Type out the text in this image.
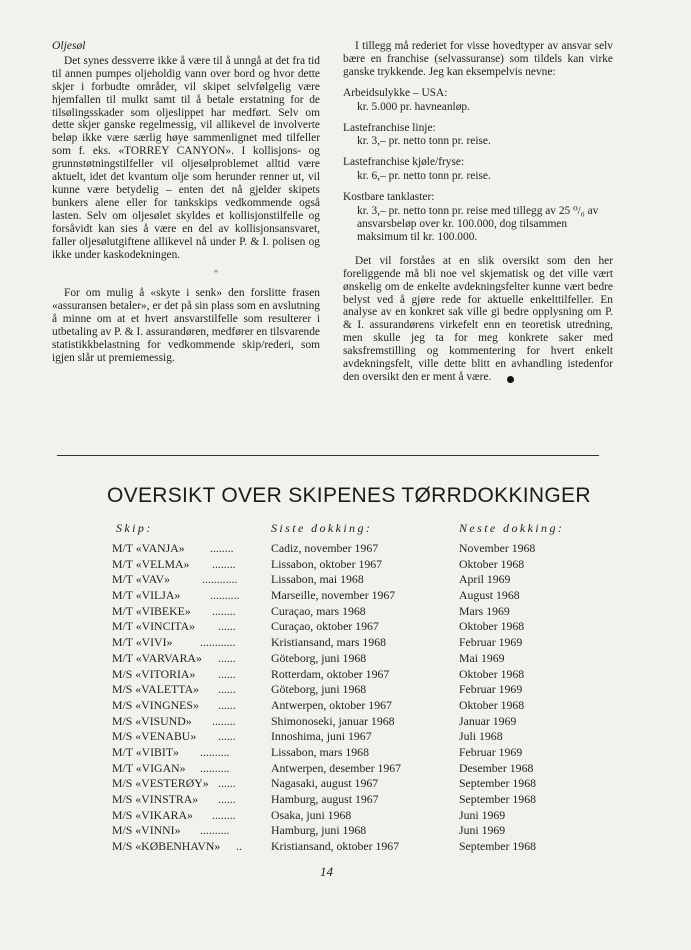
Oljesøl

Det synes dessverre ikke å være til å unngå at det fra tid til annen pumpes oljeholdig vann over bord og hvor dette skjer i forbudte områder, vil skipet selvfølgelig være hjemfallen til mulkt samt til å betale erstatning for de tilsølingsskader som oljeslippet har medført. Selv om dette skjer ganske regelmessig, vil allikevel de involverte beløp ikke være særlig høye sammenlignet med tilfeller som f. eks. «TORREY CANYON». I kollisjons- og grunnstøtningstilfeller vil oljesølproblemet alltid være aktuelt, idet det kvantum olje som herunder renner ut, vil kunne være betydelig – enten det nå gjelder skipets bunkers alene eller for tankskips vedkommende også lasten. Selv om oljesølet skyldes et kollisjonstilfelle og forsåvidt kan sies å være en del av kollisjonsansvaret, faller oljesølutgiftene allikevel nå under P. & I. polisen og ikke under kaskodekningen.

*

For om mulig å «skyte i senk» den forslitte frasen «assuransen betaler», er det på sin plass som en avslutning å minne om at et hvert ansvarstilfelle som resulterer i utbetaling av P. & I. assurandøren, medfører en tilsvarende statistikkbelastning for vedkommende skip/rederi, som igjen slår ut premiemessig.

I tillegg må rederiet for visse hovedtyper av ansvar selv bære en franchise (selvassuranse) som tildels kan virke ganske trykkende. Jeg kan eksempelvis nevne:

Arbeidsulykke – USA:

kr. 5.000 pr. havneanløp.

Lastefranchise linje:

kr. 3,– pr. netto tonn pr. reise.

Lastefranchise kjøle/fryse:

kr. 6,– pr. netto tonn pr. reise.

Kostbare tanklaster:

kr. 3,– pr. netto tonn pr. reise med tillegg av 25 ⁰/₀ av ansvarsbeløp over kr. 100.000, dog tilsammen maksimum til kr. 100.000.

Det vil forståes at en slik oversikt som den her foreliggende må bli noe vel skjematisk og det ville vært ønskelig om de enkelte avdekningsfelter kunne vært bedre belyst ved å gjøre rede for aktuelle enkelttilfeller. En analyse av en konkret sak ville gi bedre opplysning om P. & I. assurandørens virkefelt enn en teoretisk utredning, men skulle jeg ta for meg konkrete saker med saksfremstilling og kommentering for hvert enkelt avdekningsfelt, ville dette blitt en avhandling istedenfor den oversikt den er ment å være.

OVERSIKT OVER SKIPENES TØRRDOKKINGER
Skip:	Siste dokking:	Neste dokking:
M/T «VANJA» ........	Cadiz, november 1967	November 1968
M/T «VELMA» ........	Lissabon, oktober 1967	Oktober 1968
M/T «VAV»	............	Lissabon, mai 1968	April 1969
M/T «VILJA»	..........	Marseille, november 1967	August 1968
M/T «VIBEKE» ........	Curaçao, mars 1968	Mars 1969
M/T «VINCITA» ......	Curaçao, oktober 1967	Oktober 1968
M/T «VIVI» ............	Kristiansand, mars 1968	Februar 1969
M/T «VARVARA» ......	Göteborg, juni 1968	Mai 1969
M/S «VITORIA» ......	Rotterdam, oktober 1967	Oktober 1968
M/S «VALETTA» ......	Göteborg, juni 1968	Februar 1969
M/S «VINGNES» ......	Antwerpen, oktober 1967	Oktober 1968
M/S «VISUND» ........	Shimonoseki, januar 1968	Januar 1969
M/S «VENABU» ......	Innoshima, juni 1967	Juli 1968
M/T «VIBIT» ..........	Lissabon, mars 1968	Februar 1969
M/T «VIGAN» ..........	Antwerpen, desember 1967	Desember 1968
M/S «VESTERØY» ......	Nagasaki, august 1967	September 1968
M/S «VINSTRA» ......	Hamburg, august 1967	September 1968
M/S «VIKARA» ........	Osaka, juni 1968	Juni 1969
M/S «VINNI» ..........	Hamburg, juni 1968	Juni 1969
M/S «KØBENHAVN» .. Kristiansand, oktober 1967	September 1968
14
